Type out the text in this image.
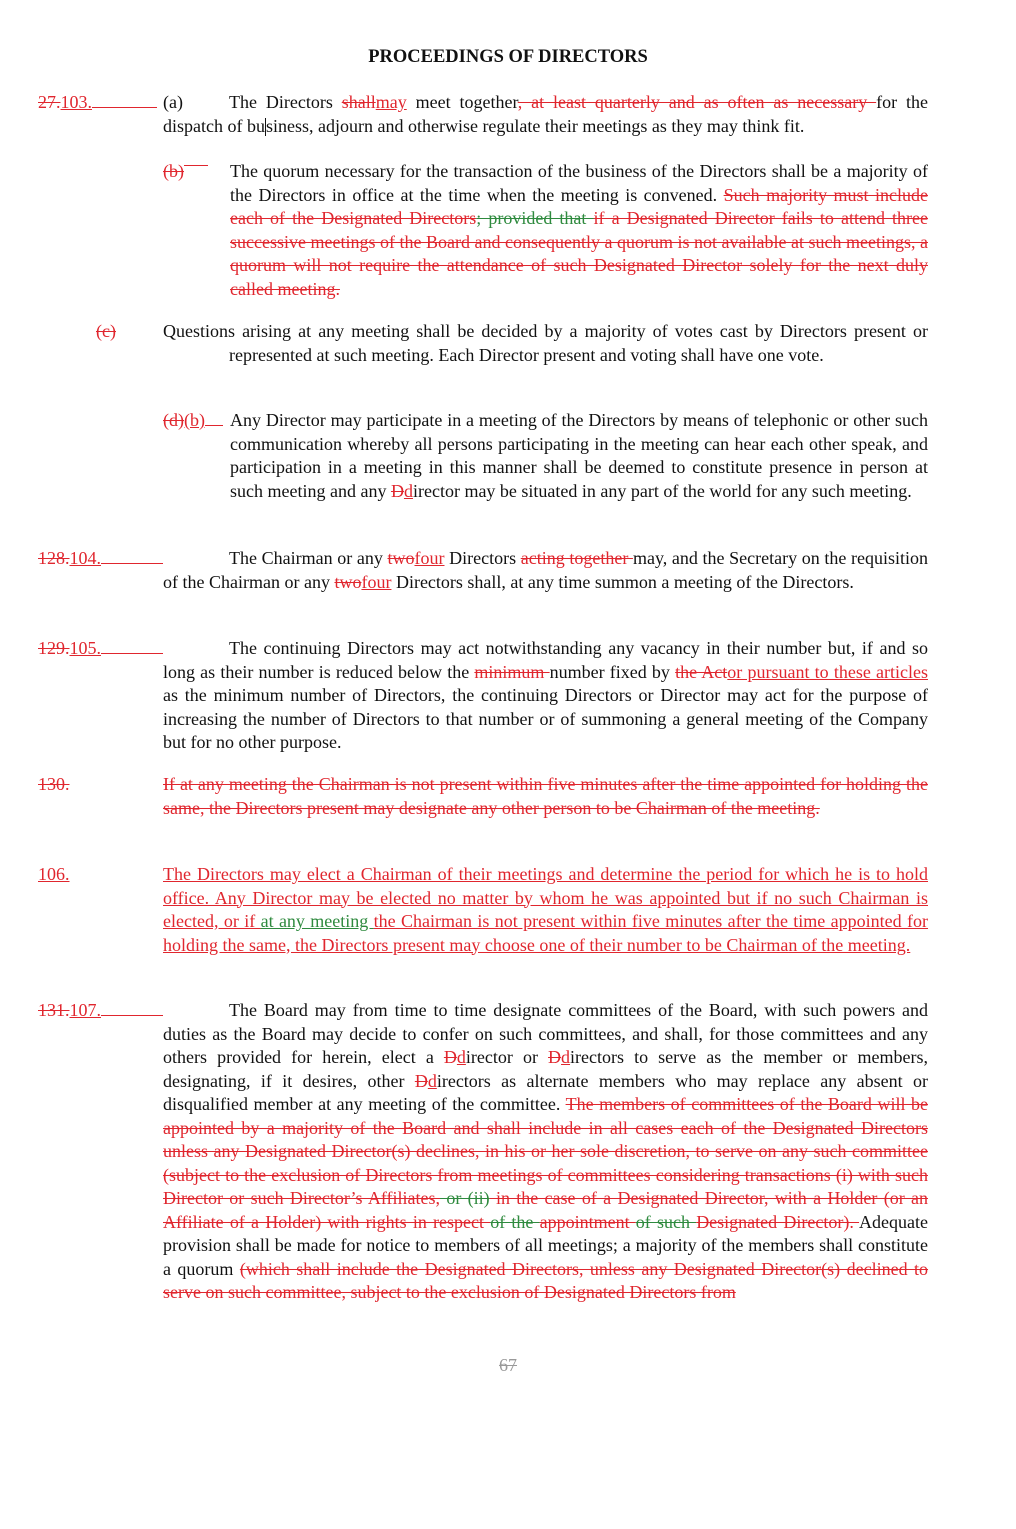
PROCEEDINGS OF DIRECTORS
27.103.	(a)	The Directors shallmay meet together, at least quarterly and as often as necessary for the dispatch of business, adjourn and otherwise regulate their meetings as they may think fit.
(b)	The quorum necessary for the transaction of the business of the Directors shall be a majority of the Directors in office at the time when the meeting is convened. Such majority must include each of the Designated Directors; provided that if a Designated Director fails to attend three successive meetings of the Board and consequently a quorum is not available at such meetings, a quorum will not require the attendance of such Designated Director solely for the next duly called meeting.
(c)	Questions arising at any meeting shall be decided by a majority of votes cast by Directors present or represented at such meeting. Each Director present and voting shall have one vote.
(d)(b)	Any Director may participate in a meeting of the Directors by means of telephonic or other such communication whereby all persons participating in the meeting can hear each other speak, and participation in a meeting in this manner shall be deemed to constitute presence in person at such meeting and any Ddirector may be situated in any part of the world for any such meeting.
128.104.	The Chairman or any twofour Directors acting together may, and the Secretary on the requisition of the Chairman or any twofour Directors shall, at any time summon a meeting of the Directors.
129.105.	The continuing Directors may act notwithstanding any vacancy in their number but, if and so long as their number is reduced below the minimum number fixed by the Actor pursuant to these articles as the minimum number of Directors, the continuing Directors or Director may act for the purpose of increasing the number of Directors to that number or of summoning a general meeting of the Company but for no other purpose.
130.	If at any meeting the Chairman is not present within five minutes after the time appointed for holding the same, the Directors present may designate any other person to be Chairman of the meeting.
106.	The Directors may elect a Chairman of their meetings and determine the period for which he is to hold office. Any Director may be elected no matter by whom he was appointed but if no such Chairman is elected, or if at any meeting the Chairman is not present within five minutes after the time appointed for holding the same, the Directors present may choose one of their number to be Chairman of the meeting.
131.107.	The Board may from time to time designate committees of the Board, with such powers and duties as the Board may decide to confer on such committees, and shall, for those committees and any others provided for herein, elect a Ddirector or Ddirectors to serve as the member or members, designating, if it desires, other Ddirectors as alternate members who may replace any absent or disqualified member at any meeting of the committee. The members of committees of the Board will be appointed by a majority of the Board and shall include in all cases each of the Designated Directors unless any Designated Director(s) declines, in his or her sole discretion, to serve on any such committee (subject to the exclusion of Directors from meetings of committees considering transactions (i) with such Director or such Director’s Affiliates, or (ii) in the case of a Designated Director, with a Holder (or an Affiliate of a Holder) with rights in respect of the appointment of such Designated Director). Adequate provision shall be made for notice to members of all meetings; a majority of the members shall constitute a quorum (which shall include the Designated Directors, unless any Designated Director(s) declined to serve on such committee, subject to the exclusion of Designated Directors from
67
